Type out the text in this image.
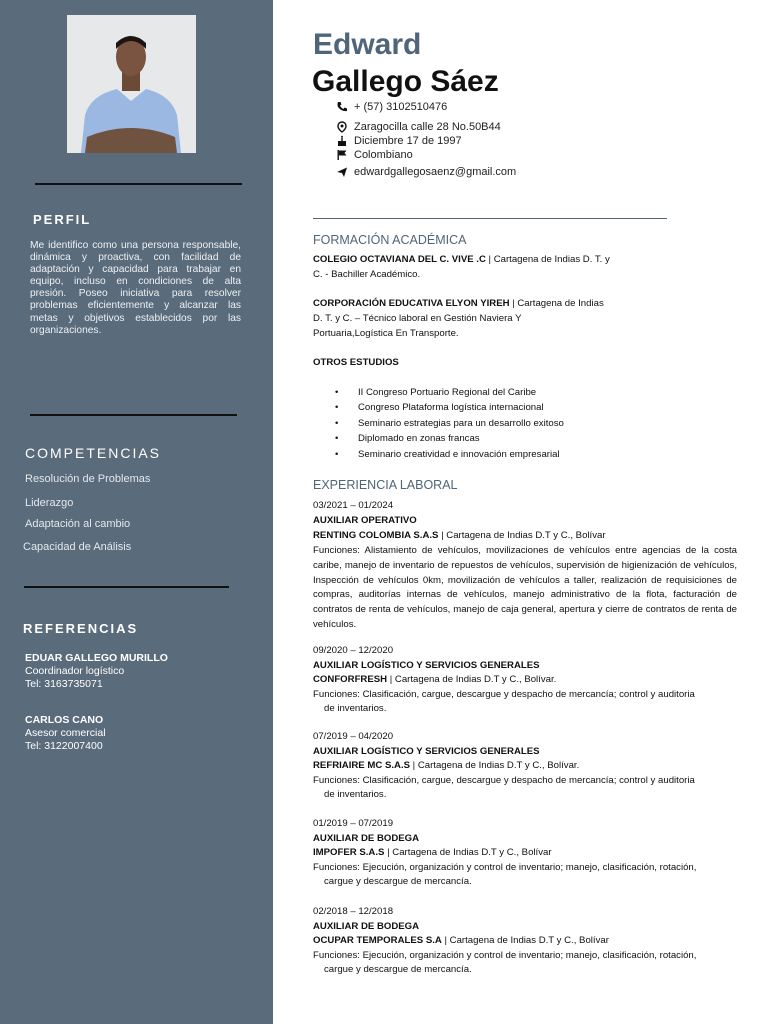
PERFIL
Me identifico como una persona responsable, dinámica y proactiva, con facilidad de adaptación y capacidad para trabajar en equipo, incluso en condiciones de alta presión. Poseo iniciativa para resolver problemas eficientemente y alcanzar las metas y objetivos establecidos por las organizaciones.
COMPETENCIAS
Resolución de Problemas
Liderazgo
Adaptación al cambio
Capacidad de Análisis
REFERENCIAS
EDUAR GALLEGO MURILLO
Coordinador logístico
Tel: 3163735071
CARLOS CANO
Asesor comercial
Tel: 3122007400
Edward
Gallego Sáez
+ (57) 3102510476
Zaragocilla calle 28 No.50B44
Diciembre 17 de 1997
Colombiano
edwardgallegosaenz@gmail.com
FORMACIÓN ACADÉMICA
COLEGIO OCTAVIANA DEL C. VIVE .C | Cartagena de Indias D. T. y
C. - Bachiller Académico.
CORPORACIÓN EDUCATIVA ELYON YIREH | Cartagena de Indias
D. T. y C. – Técnico laboral en Gestión Naviera Y
Portuaria,Logística En Transporte.
OTROS ESTUDIOS
• II Congreso Portuario Regional del Caribe
• Congreso Plataforma logística internacional
• Seminario estrategias para un desarrollo exitoso
• Diplomado en zonas francas
• Seminario creatividad e innovación empresarial
EXPERIENCIA LABORAL
03/2021 – 01/2024
AUXILIAR OPERATIVO
RENTING COLOMBIA S.A.S | Cartagena de Indias D.T y C., Bolívar
Funciones: Alistamiento de vehículos, movilizaciones de vehículos entre agencias de la costa caribe, manejo de inventario de repuestos de vehículos, supervisión de higienización de vehículos, Inspección de vehículos 0km, movilización de vehículos a taller, realización de requisiciones de compras, auditorías internas de vehículos, manejo administrativo de la flota, facturación de contratos de renta de vehículos, manejo de caja general, apertura y cierre de contratos de renta de vehículos.
09/2020 – 12/2020
AUXILIAR LOGÍSTICO Y SERVICIOS GENERALES
CONFORFRESH | Cartagena de Indias D.T y C., Bolívar.
Funciones: Clasificación, cargue, descargue y despacho de mercancía; control y auditoria
de inventarios.
07/2019 – 04/2020
AUXILIAR LOGÍSTICO Y SERVICIOS GENERALES
REFRIAIRE MC S.A.S | Cartagena de Indias D.T y C., Bolívar.
Funciones: Clasificación, cargue, descargue y despacho de mercancía; control y auditoria
de inventarios.
01/2019 – 07/2019
AUXILIAR DE BODEGA
IMPOFER S.A.S | Cartagena de Indias D.T y C., Bolívar
Funciones: Ejecución, organización y control de inventario; manejo, clasificación, rotación,
cargue y descargue de mercancía.
02/2018 – 12/2018
AUXILIAR DE BODEGA
OCUPAR TEMPORALES S.A | Cartagena de Indias D.T y C., Bolívar
Funciones: Ejecución, organización y control de inventario; manejo, clasificación, rotación,
cargue y descargue de mercancía.
